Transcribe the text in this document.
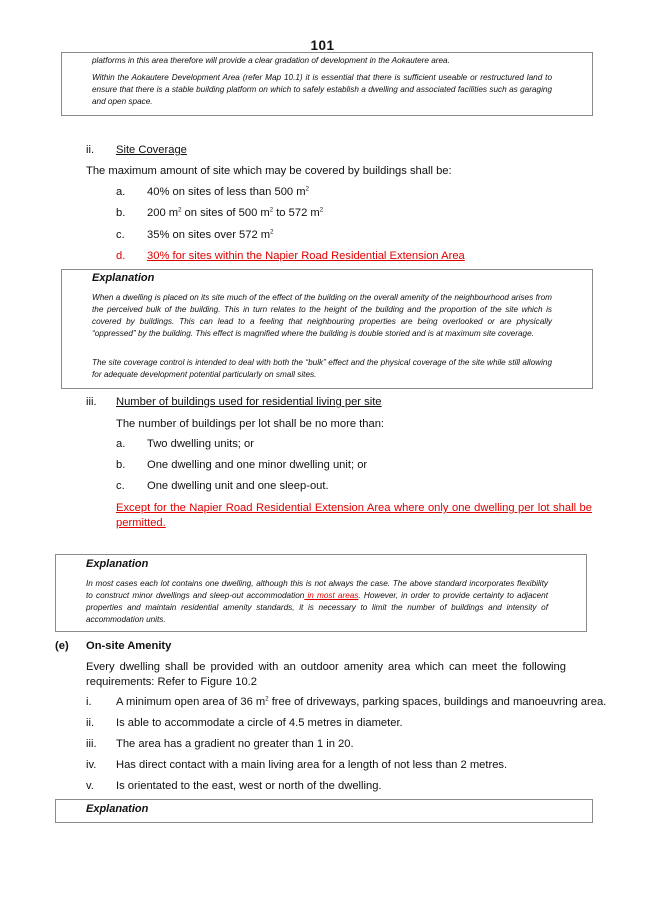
101
platforms in this area therefore will provide a clear gradation of development in the Aokautere area.
Within the Aokautere Development Area (refer Map 10.1) it is essential that there is sufficient useable or restructured land to ensure that there is a stable building platform on which to safely establish a dwelling and associated facilities such as garaging and open space.
ii. Site Coverage
The maximum amount of site which may be covered by buildings shall be:
a. 40% on sites of less than 500 $m^2$
b. 200 $m^2$ on sites of 500 $m^2$ to 572 $m^2$
c. 35% on sites over 572 $m^2$
d. 30% for sites within the Napier Road Residential Extension Area
Explanation
When a dwelling is placed on its site much of the effect of the building on the overall amenity of the neighbourhood arises from the perceived bulk of the building. This in turn relates to the height of the building and the proportion of the site which is covered by buildings. This can lead to a feeling that neighbouring properties are being overlooked or are physically “oppressed” by the building. This effect is magnified where the building is double storied and is at maximum site coverage.
The site coverage control is intended to deal with both the “bulk” effect and the physical coverage of the site while still allowing for adequate development potential particularly on small sites.
iii. Number of buildings used for residential living per site
The number of buildings per lot shall be no more than:
a. Two dwelling units; or
b. One dwelling and one minor dwelling unit; or
c. One dwelling unit and one sleep-out.
Except for the Napier Road Residential Extension Area where only one dwelling per lot shall be permitted.
Explanation
In most cases each lot contains one dwelling, although this is not always the case. The above standard incorporates flexibility to construct minor dwellings and sleep-out accommodation in most areas. However, in order to provide certainty to adjacent properties and maintain residential amenity standards, it is necessary to limit the number of buildings and intensity of accommodation units.
(e) On-site Amenity
Every dwelling shall be provided with an outdoor amenity area which can meet the following requirements: Refer to Figure 10.2
i. A minimum open area of 36 $m^2$ free of driveways, parking spaces, buildings and manoeuvring area.
ii. Is able to accommodate a circle of 4.5 metres in diameter.
iii. The area has a gradient no greater than 1 in 20.
iv. Has direct contact with a main living area for a length of not less than 2 metres.
v. Is orientated to the east, west or north of the dwelling.
Explanation
